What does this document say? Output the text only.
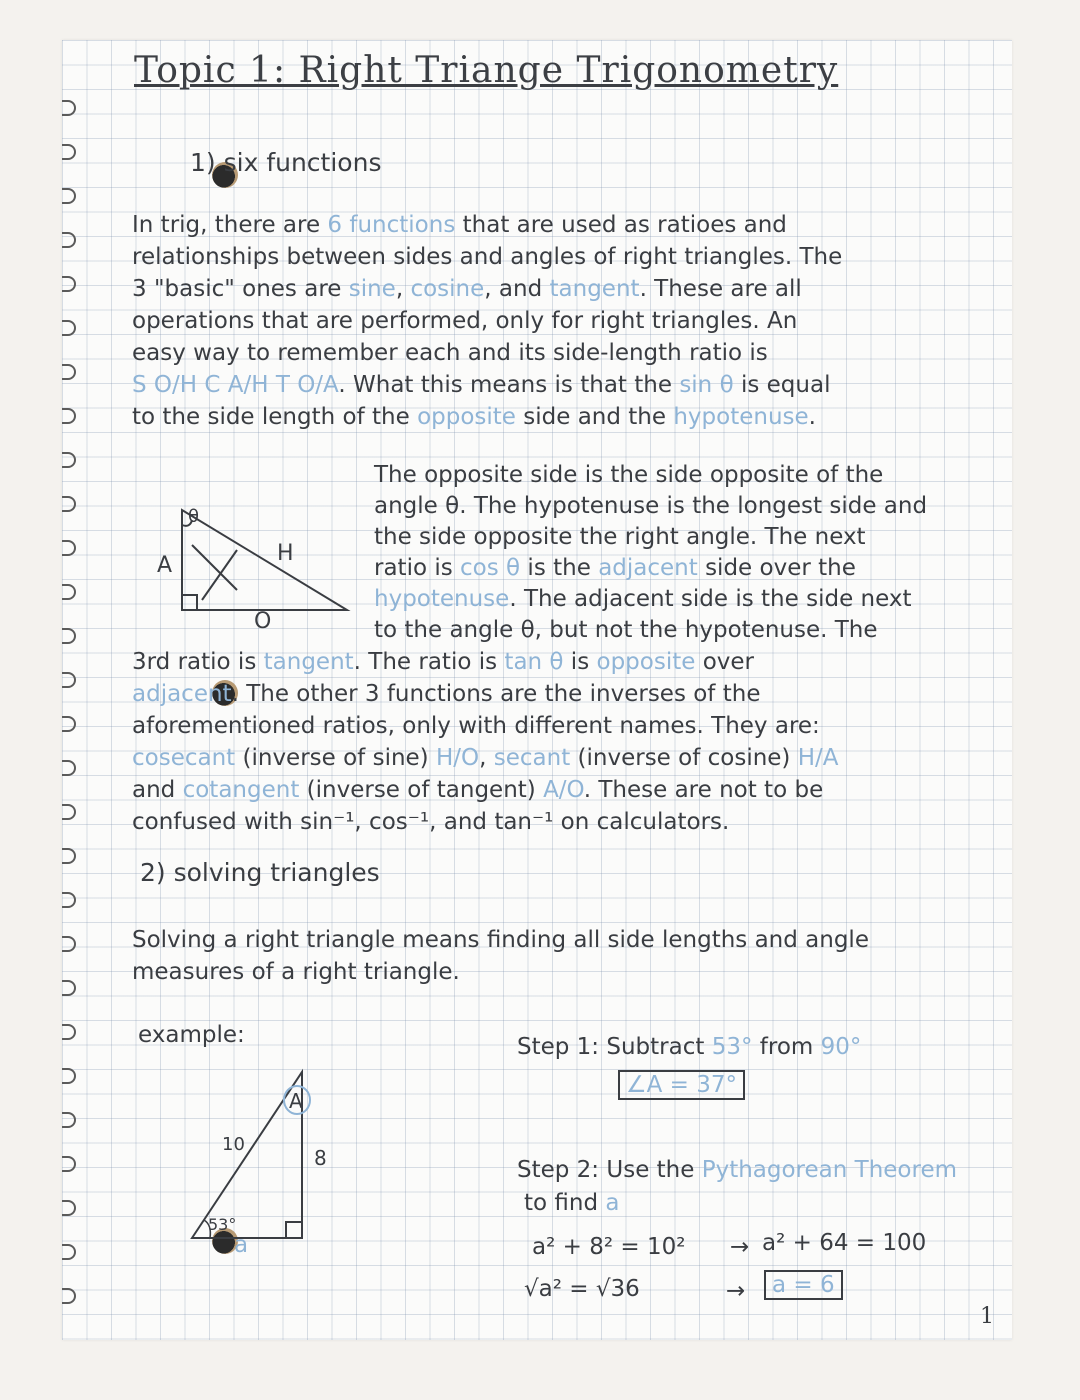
Topic 1: Right Triange Trigonometry
1) six functions
In trig, there are 6 functions that are used as ratioes and
relationships between sides and angles of right triangles. The
3 "basic" ones are sine, cosine, and tangent. These are all
operations that are performed, only for right triangles. An
easy way to remember each and its side-length ratio is
S O/H C A/H T O/A. What this means is that the sin θ is equal
to the side length of the opposite side and the hypotenuse.
The opposite side is the side opposite of the
angle θ. The hypotenuse is the longest side and
the side opposite the right angle. The next
ratio is cos θ is the adjacent side over the
hypotenuse. The adjacent side is the side next
to the angle θ, but not the hypotenuse. The
3rd ratio is tangent. The ratio is tan θ is opposite over
adjacent. The other 3 functions are the inverses of the
aforementioned ratios, only with different names. They are:
cosecant (inverse of sine) H/O, secant (inverse of cosine) H/A
and cotangent (inverse of tangent) A/O. These are not to be
confused with sin⁻¹, cos⁻¹, and tan⁻¹ on calculators.
θ
A	H
O
2) solving triangles
Solving a right triangle means finding all side lengths and angle
measures of a right triangle.
example:
A
10
8
53°
a
Step 1: Subtract 53° from 90°
∠A = 37°
Step 2: Use the Pythagorean Theorem
to find a
a² + 8² = 10² → a² + 64 = 100
√a² = √36	→	a = 6
1
